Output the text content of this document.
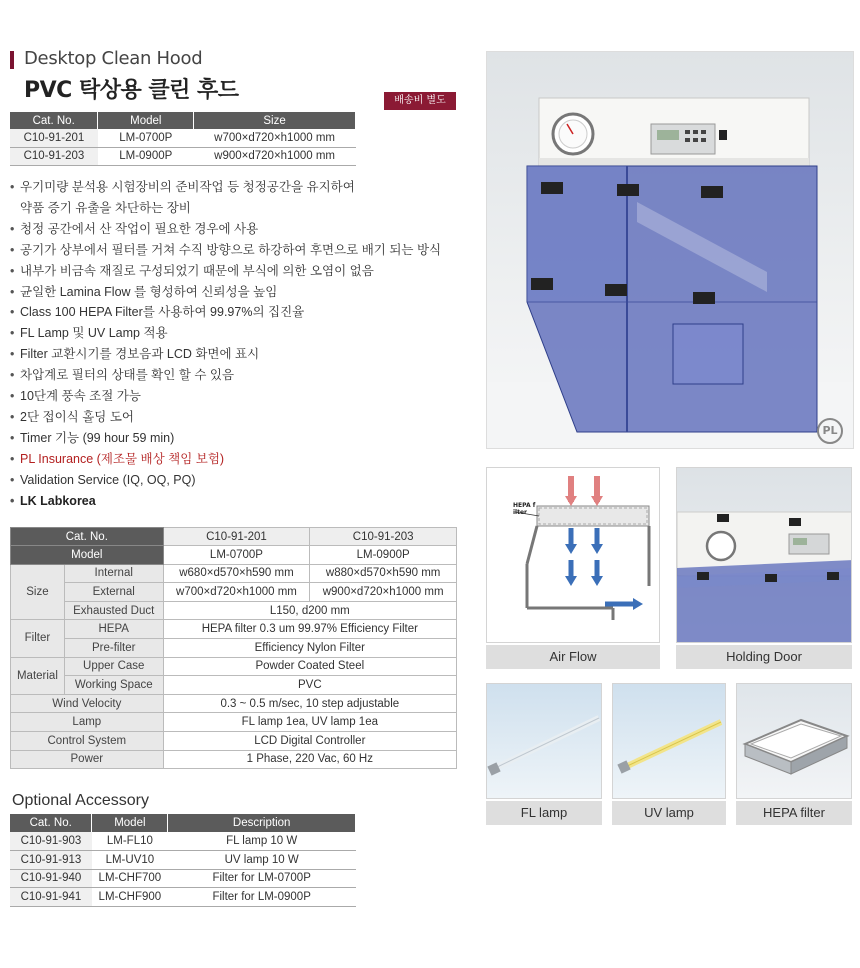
Desktop Clean Hood
PVC 탁상용 클린 후드	배송비 별도
Cat. No.	Model	Size
C10-91-201	LM-0700P	w700×d720×h1000 mm
C10-91-203	LM-0900P	w900×d720×h1000 mm
• 우기미량 분석용 시험장비의 준비작업 등 청정공간을 유지하여
약품 증기 유출을 차단하는 장비
• 청정 공간에서 산 작업이 필요한 경우에 사용
• 공기가 상부에서 필터를 거쳐 수직 방향으로 하강하여 후면으로 배기 되는 방식
• 내부가 비금속 재질로 구성되었기 때문에 부식에 의한 오염이 없음
• 균일한 Lamina Flow 를 형성하여 신뢰성을 높임
• Class 100 HEPA Filter를 사용하여 99.97%의 집진율
• FL Lamp 및 UV Lamp 적용
• Filter 교환시기를 경보음과 LCD 화면에 표시
• 차압계로 필터의 상태를 확인 할 수 있음
• 10단계 풍속 조절 가능
• 2단 접이식 홀딩 도어
• Timer 기능 (99 hour 59 min)
• PL Insurance (제조물 배상 책임 보험)
• Validation Service (IQ, OQ, PQ)
• LK Labkorea
Cat. No.		C10-91-201	C10-91-203
Model		LM-0700P	LM-0900P
Size	Internal	w680×d570×h590 mm	w880×d570×h590 mm
	External	w700×d720×h1000 mm	w900×d720×h1000 mm
	Exhausted Duct	L150, d200 mm	
Filter	HEPA	HEPA filter 0.3 um 99.97% Efficiency Filter	
	Pre-filter	Efficiency Nylon Filter	
Material	Upper Case	Powder Coated Steel	
	Working Space	PVC	
Wind Velocity		0.3 ~ 0.5 m/sec, 10 step adjustable	
Lamp		FL lamp 1ea, UV lamp 1ea	
Control System		LCD Digital Controller	
Power		1 Phase, 220 Vac, 60 Hz	
Optional Accessory
Cat. No.	Model	Description
C10-91-903	LM-FL10	FL lamp 10 W
C10-91-913	LM-UV10	UV lamp 10 W
C10-91-940	LM-CHF700	Filter for LM-0700P
C10-91-941	LM-CHF900	Filter for LM-0900P
PL
HEPA filter
Air Flow	Holding Door
FL lamp	UV lamp	HEPA filter
